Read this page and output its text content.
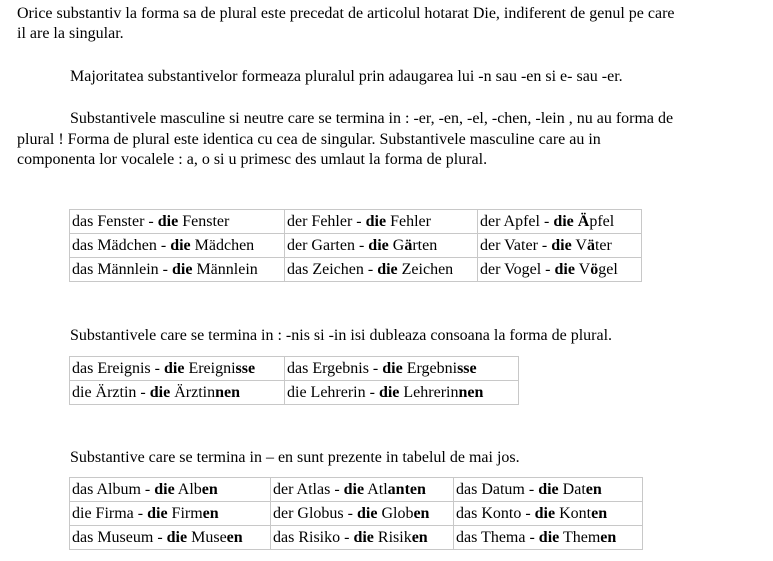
Orice substantiv la forma sa de plural este precedat de articolul hotarat Die, indiferent de genul pe care
il are la singular.

Majoritatea substantivelor formeaza pluralul prin adaugarea lui -n sau -en si e- sau -er.

Substantivele masculine si neutre care se termina in : -er, -en, -el, -chen, -lein , nu au forma de
plural ! Forma de plural este identica cu cea de singular. Substantivele masculine care au in
componenta lor vocalele : a, o si u primesc des umlaut la forma de plural.

das Fenster - die Fenster	der Fehler - die Fehler	der Apfel - die Äpfel
das Mädchen - die Mädchen	der Garten - die Gärten	der Vater - die Väter
das Männlein - die Männlein	das Zeichen - die Zeichen	der Vogel - die Vögel

Substantivele care se termina in : -nis si -in isi dubleaza consoana la forma de plural.

das Ereignis - die Ereignisse	das Ergebnis - die Ergebnisse
die Ärztin - die Ärztinnen	die Lehrerin - die Lehrerinnen

Substantive care se termina in – en sunt prezente in tabelul de mai jos.

das Album - die Alben	der Atlas - die Atlanten	das Datum - die Daten
die Firma - die Firmen	der Globus - die Globen	das Konto - die Konten
das Museum - die Museen	das Risiko - die Risiken	das Thema - die Themen
